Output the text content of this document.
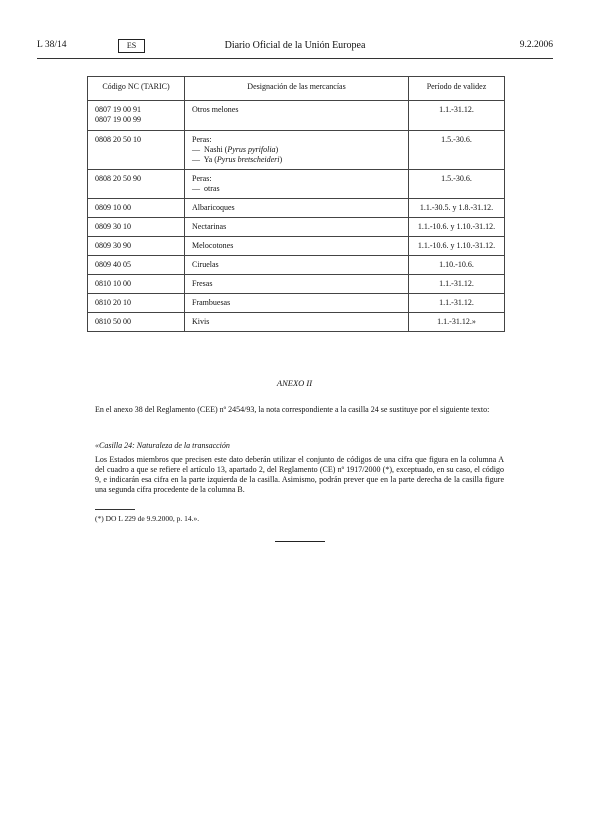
L 38/14	Diario Oficial de la Unión Europea
ES	9.2.2006
Código NC (TARIC)	Designación de las mercancías	Período de validez

0807 19 00 91
0807 19 00 99	Otros melones	1.1.-31.12.
0808 20 50 10	Peras:
— Nashi (Pyrus pyrifolia)
— Ya (Pyrus bretscheideri)	1.5.-30.6.
0808 20 50 90	Peras:
— otras	1.5.-30.6.
0809 10 00	Albaricoques	1.1.-30.5. y 1.8.-31.12.
0809 30 10	Nectarinas	1.1.-10.6. y 1.10.-31.12.
0809 30 90	Melocotones	1.1.-10.6. y 1.10.-31.12.
0809 40 05	Ciruelas	1.10.-10.6.
0810 10 00	Fresas	1.1.-31.12.
0810 20 10	Frambuesas	1.1.-31.12.
0810 50 00	Kivis	1.1.-31.12.»
ANEXO II
En el anexo 38 del Reglamento (CEE) nº 2454/93, la nota correspondiente a la casilla 24 se sustituye por el siguiente texto:
«Casilla 24: Naturaleza de la transacción
Los Estados miembros que precisen este dato deberán utilizar el conjunto de códigos de una cifra que figura en la columna A del cuadro a que se refiere el artículo 13, apartado 2, del Reglamento (CE) nº 1917/2000 (*), exceptuado, en su caso, el código 9, e indicarán esa cifra en la parte izquierda de la casilla. Asimismo, podrán prever que en la parte derecha de la casilla figure una segunda cifra procedente de la columna B.
(*) DO L 229 de 9.9.2000, p. 14.».
